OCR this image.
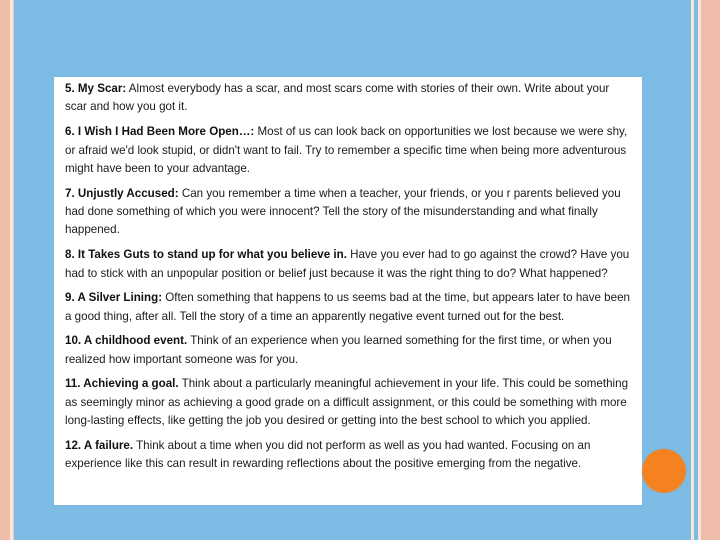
5. My Scar: Almost everybody has a scar, and most scars come with stories of their own. Write about your scar and how you got it.

6. I Wish I Had Been More Open…: Most of us can look back on opportunities we lost because we were shy, or afraid we'd look stupid, or didn't want to fail. Try to remember a specific time when being more adventurous might have been to your advantage.

7. Unjustly Accused: Can you remember a time when a teacher, your friends, or you r parents believed you had done something of which you were innocent? Tell the story of the misunderstanding and what finally happened.

8. It Takes Guts to stand up for what you believe in. Have you ever had to go against the crowd? Have you had to stick with an unpopular position or belief just because it was the right thing to do? What happened?

9. A Silver Lining: Often something that happens to us seems bad at the time, but appears later to have been a good thing, after all. Tell the story of a time an apparently negative event turned out for the best.

10. A childhood event. Think of an experience when you learned something for the first time, or when you realized how important someone was for you.

11. Achieving a goal. Think about a particularly meaningful achievement in your life. This could be something as seemingly minor as achieving a good grade on a difficult assignment, or this could be something with more long-lasting effects, like getting the job you desired or getting into the best school to which you applied.

12. A failure. Think about a time when you did not perform as well as you had wanted. Focusing on an experience like this can result in rewarding reflections about the positive emerging from the negative.
